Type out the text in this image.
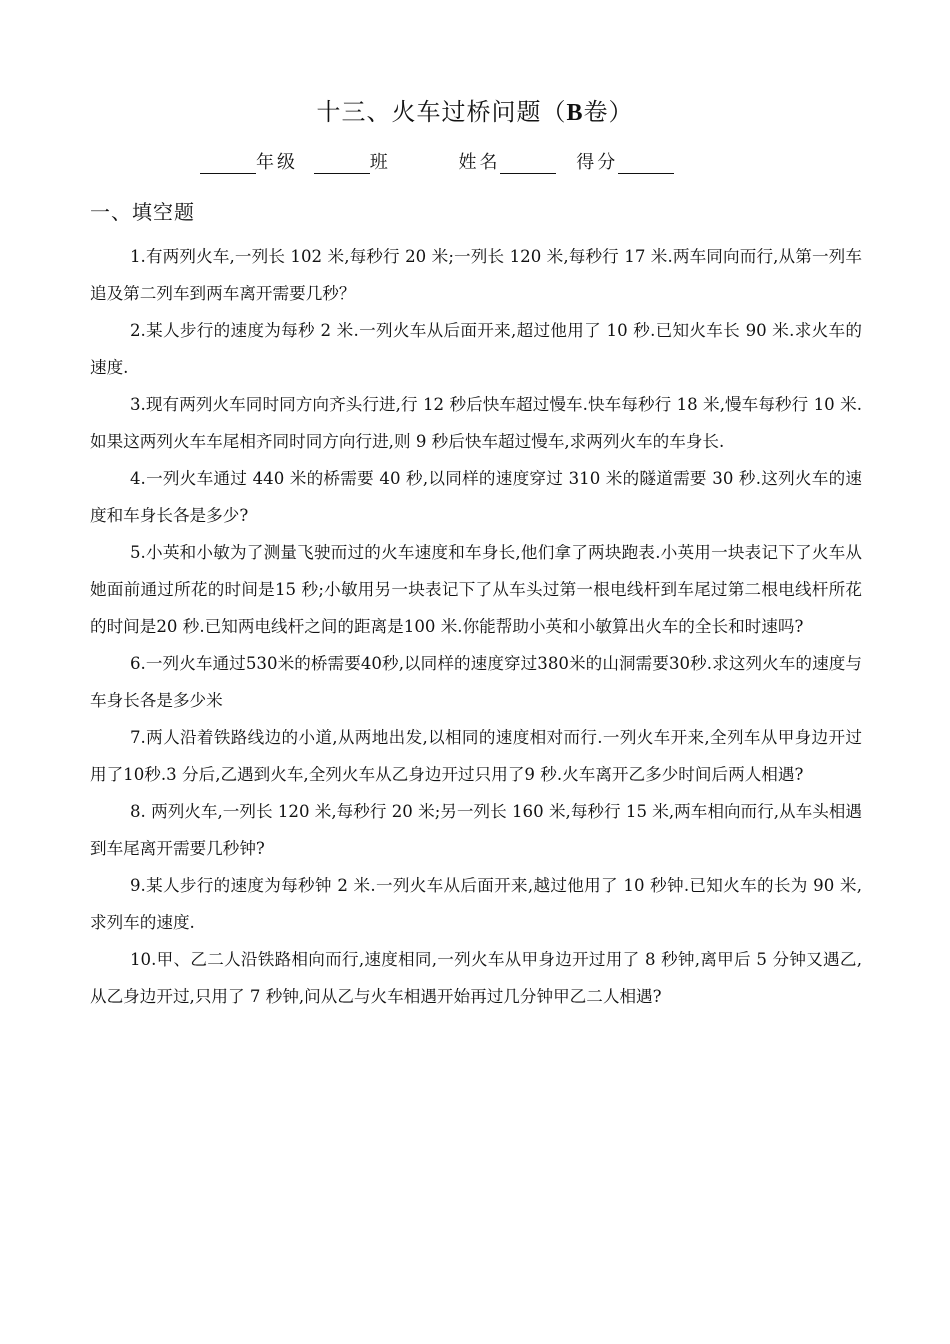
十三、火车过桥问题（B卷）
年级	班	姓名	得分
一、填空题

1.有两列火车,一列长 102 米,每秒行 20 米;一列长 120 米,每秒行 17 米.两车同向而行,从第一列车追及第二列车到两车离开需要几秒？

2.某人步行的速度为每秒 2 米.一列火车从后面开来,超过他用了 10 秒.已知火车长 90 米.求火车的速度.

3.现有两列火车同时同方向齐头行进,行 12 秒后快车超过慢车.快车每秒行 18 米,慢车每秒行 10 米.如果这两列火车车尾相齐同时同方向行进,则 9 秒后快车超过慢车,求两列火车的车身长.

4.一列火车通过 440 米的桥需要 40 秒,以同样的速度穿过 310 米的隧道需要 30 秒.这列火车的速度和车身长各是多少?

5.小英和小敏为了测量飞驶而过的火车速度和车身长,他们拿了两块跑表.小英用一块表记下了火车从她面前通过所花的时间是15 秒;小敏用另一块表记下了从车头过第一根电线杆到车尾过第二根电线杆所花的时间是20 秒.已知两电线杆之间的距离是100 米.你能帮助小英和小敏算出火车的全长和时速吗?

6.一列火车通过530米的桥需要40秒,以同样的速度穿过380米的山洞需要30秒.求这列火车的速度与车身长各是多少米

7.两人沿着铁路线边的小道,从两地出发,以相同的速度相对而行.一列火车开来,全列车从甲身边开过用了10秒.3 分后,乙遇到火车,全列火车从乙身边开过只用了9 秒.火车离开乙多少时间后两人相遇?

8. 两列火车,一列长 120 米,每秒行 20 米;另一列长 160 米,每秒行 15 米,两车相向而行,从车头相遇到车尾离开需要几秒钟?

9.某人步行的速度为每秒钟 2 米.一列火车从后面开来,越过他用了 10 秒钟.已知火车的长为 90 米,求列车的速度.

10.甲、乙二人沿铁路相向而行,速度相同,一列火车从甲身边开过用了 8 秒钟,离甲后 5 分钟又遇乙,从乙身边开过,只用了 7 秒钟,问从乙与火车相遇开始再过几分钟甲乙二人相遇?
